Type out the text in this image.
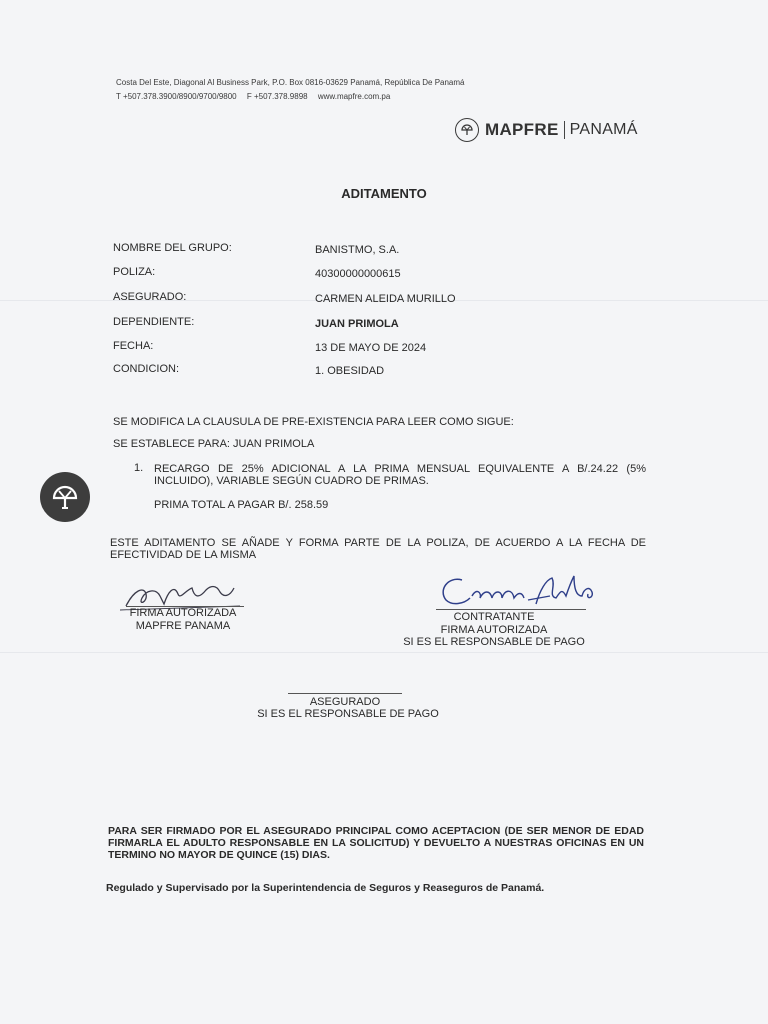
Costa Del Este, Diagonal Al Business Park, P.O. Box 0816-03629 Panamá, República De Panamá
T +507.378.3900/8900/9700/9800 F +507.378.9898 www.mapfre.com.pa
MAPFRE PANAMÁ
ADITAMENTO
NOMBRE DEL GRUPO:	BANISTMO, S.A.
POLIZA:	40300000000615
ASEGURADO:	CARMEN ALEIDA MURILLO
DEPENDIENTE:	JUAN PRIMOLA
FECHA:	13 DE MAYO DE 2024
CONDICION:	1. OBESIDAD
SE MODIFICA LA CLAUSULA DE PRE-EXISTENCIA PARA LEER COMO SIGUE:
SE ESTABLECE PARA: JUAN PRIMOLA
1. RECARGO DE 25% ADICIONAL A LA PRIMA MENSUAL EQUIVALENTE A B/.24.22 (5% INCLUIDO), VARIABLE SEGÚN CUADRO DE PRIMAS.
PRIMA TOTAL A PAGAR B/. 258.59
ESTE ADITAMENTO SE AÑADE Y FORMA PARTE DE LA POLIZA, DE ACUERDO A LA FECHA DE EFECTIVIDAD DE LA MISMA
FIRMA AUTORIZADA
MAPFRE PANAMA
CONTRATANTE
FIRMA AUTORIZADA
SI ES EL RESPONSABLE DE PAGO
ASEGURADO
SI ES EL RESPONSABLE DE PAGO
PARA SER FIRMADO POR EL ASEGURADO PRINCIPAL COMO ACEPTACION (DE SER MENOR DE EDAD FIRMARLA EL ADULTO RESPONSABLE EN LA SOLICITUD) Y DEVUELTO A NUESTRAS OFICINAS EN UN TERMINO NO MAYOR DE QUINCE (15) DIAS.
Regulado y Supervisado por la Superintendencia de Seguros y Reaseguros de Panamá.
